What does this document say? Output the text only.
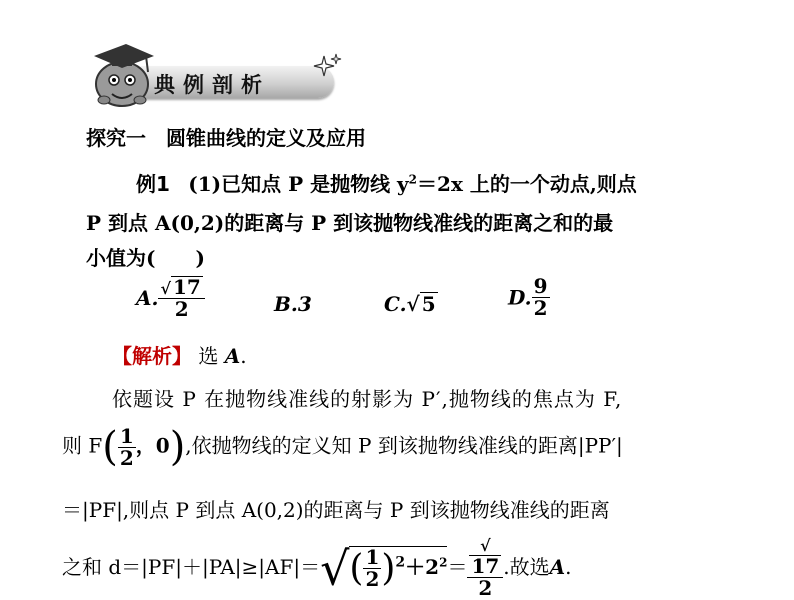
典例剖析
探究一　圆锥曲线的定义及应用
例1 (1)已知点 P 是抛物线 $y^2=2x$ 上的一个动点,则点
P 到点 A(0,2)的距离与 P 到该抛物线准线的距离之和的最
小值为(　　)
A. $\frac{√ 17}{2}$	B.3	C.√ 5	D. $\frac{9}{2}$
【解析】 选 A.
依题设 P 在抛物线准线的射影为 P′,抛物线的焦点为 F,
则 $F( \frac{1}{2}$ ，0),依抛物线的定义知 P 到该抛物线准线的距离|PP′|
＝|PF|,则点 P 到点 A(0,2)的距离与 P 到该抛物线准线的距离
之和 $d=|PF|+|PA|\ge|AF|=√( \frac{1}{2} )^2+2^2=$ √
17
2 .故选A.
